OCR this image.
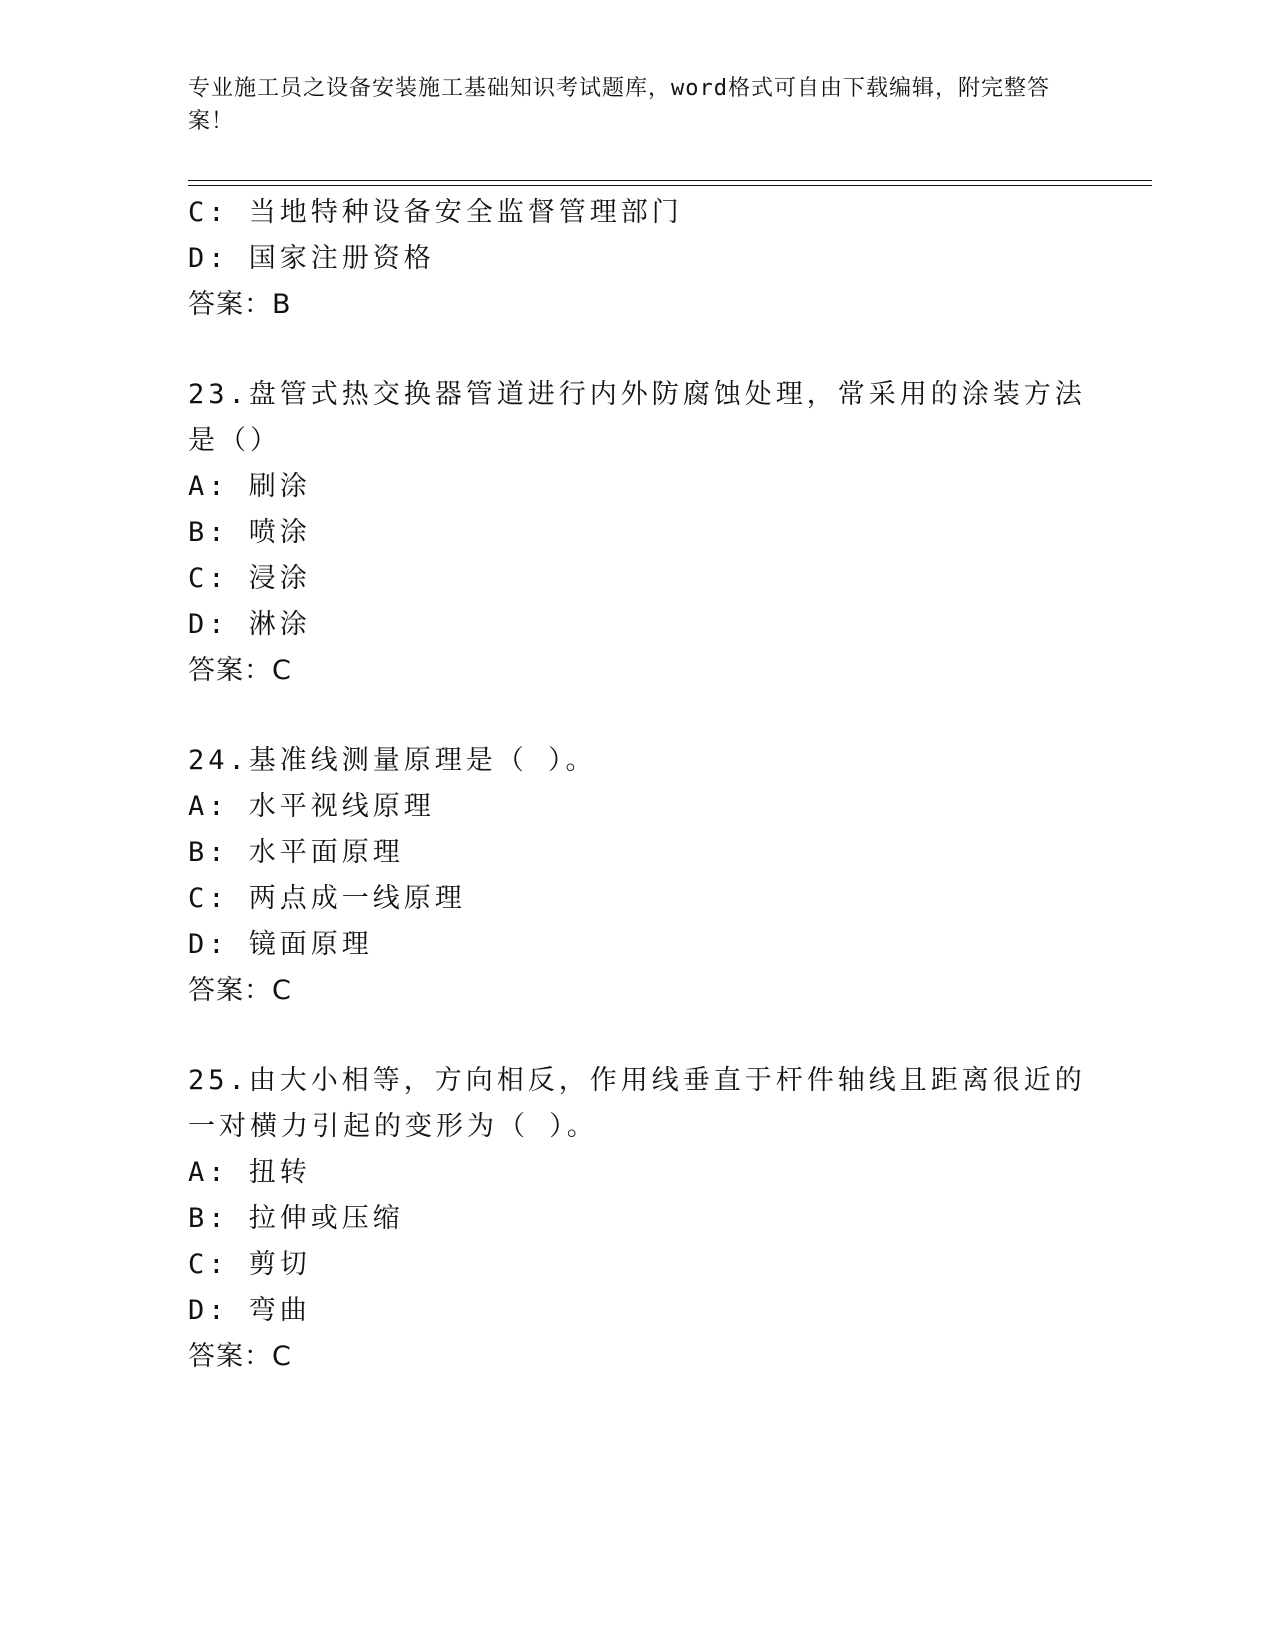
专业施工员之设备安装施工基础知识考试题库，word格式可自由下载编辑，附完整答案！
C: 当地特种设备安全监督管理部门
D: 国家注册资格
答案：B
23.盘管式热交换器管道进行内外防腐蚀处理，常采用的涂装方法是（）
A: 刷涂
B: 喷涂
C: 浸涂
D: 淋涂
答案：C
24.基准线测量原理是（ ）。
A: 水平视线原理
B: 水平面原理
C: 两点成一线原理
D: 镜面原理
答案：C
25.由大小相等，方向相反，作用线垂直于杆件轴线且距离很近的一对横力引起的变形为（ ）。
A: 扭转
B: 拉伸或压缩
C: 剪切
D: 弯曲
答案：C
